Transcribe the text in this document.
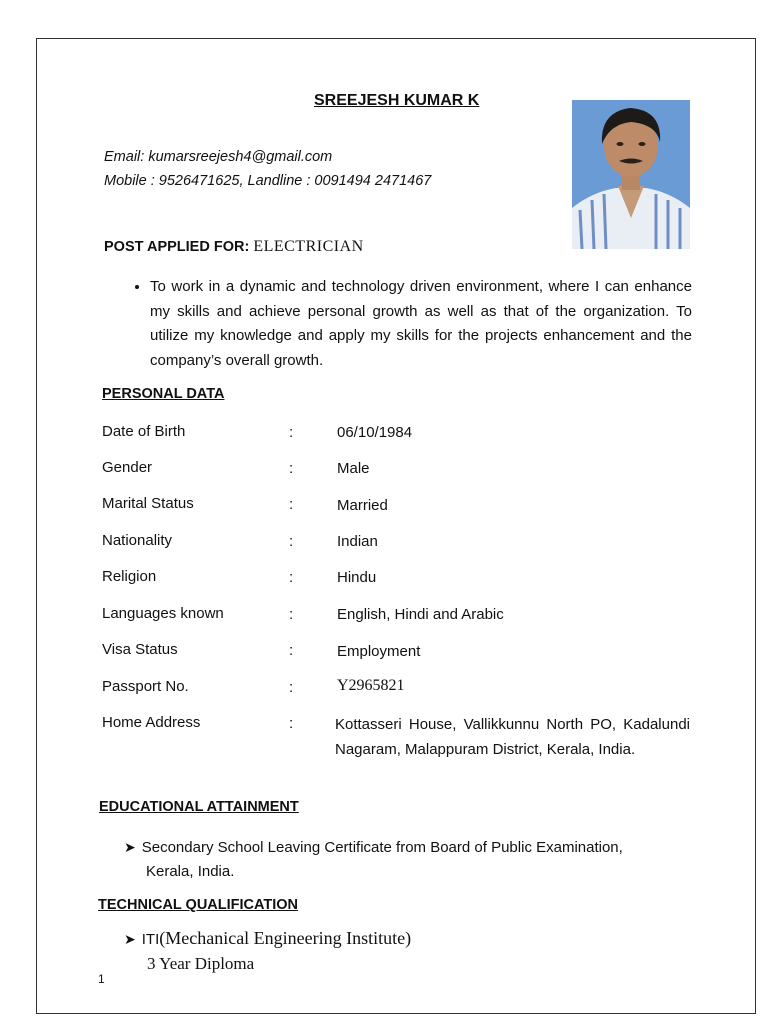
SREEJESH KUMAR K
Email: kumarsreejesh4@gmail.com
Mobile : 9526471625, Landline : 0091494 2471467
POST APPLIED FOR: ELECTRICIAN
• To work in a dynamic and technology driven environment, where I can enhance my skills and achieve personal growth as well as that of the organization. To utilize my knowledge and apply my skills for the projects enhancement and the company’s overall growth.
PERSONAL DATA
Date of Birth	:	06/10/1984
Gender	:	Male
Marital Status	:	Married
Nationality	:	Indian
Religion	:	Hindu
Languages known	:	English, Hindi and Arabic
Visa Status	:	Employment
Passport No.	:	Y2965821
Home Address	:	Kottasseri House, Vallikkunnu North PO, Kadalundi Nagaram, Malappuram District, Kerala, India.
EDUCATIONAL ATTAINMENT
➤ Secondary School Leaving Certificate from Board of Public Examination,
Kerala, India.
TECHNICAL QUALIFICATION
➤ ITI(Mechanical Engineering Institute)
3 Year Diploma
1
